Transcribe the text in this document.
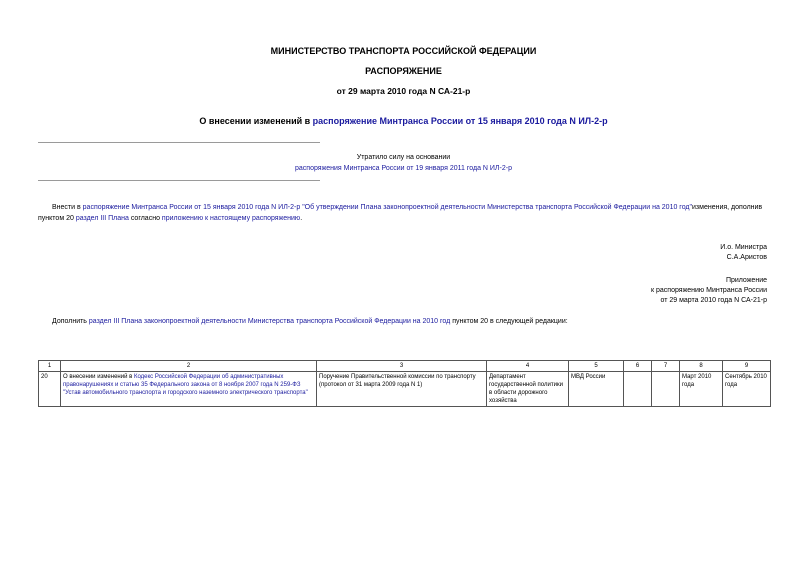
МИНИСТЕРСТВО ТРАНСПОРТА РОССИЙСКОЙ ФЕДЕРАЦИИ
РАСПОРЯЖЕНИЕ
от 29 марта 2010 года N СА-21-р
О внесении изменений в распоряжение Минтранса России от 15 января 2010 года N ИЛ-2-р
Утратило силу на основании
распоряжения Минтранса России от 19 января 2011 года N ИЛ-2-р
Внести в распоряжение Минтранса России от 15 января 2010 года N ИЛ-2-р "Об утверждении Плана законопроектной деятельности Министерства транспорта Российской Федерации на 2010 год"изменения, дополнив пунктом 20 раздел III Плана согласно приложению к настоящему распоряжению.
И.о. Министра
С.А.Аристов
Приложение
к распоряжению Минтранса России
от 29 марта 2010 года N СА-21-р
Дополнить раздел III Плана законопроектной деятельности Министерства транспорта Российской Федерации на 2010 год пунктом 20 в следующей редакции:
1	2	3	4	5	6	7	8	9
20	О внесении изменений в Кодекс Российской Федерации об административных правонарушениях и статью 35 Федерального закона от 8 ноября 2007 года N 259-ФЗ "Устав автомобильного транспорта и городского наземного электрического транспорта"	Поручение Правительственной комиссии по транспорту (протокол от 31 марта 2009 года N 1)	Департамент государственной политики в области дорожного хозяйства	МВД России			Март 2010 года	Сентябрь 2010 года
